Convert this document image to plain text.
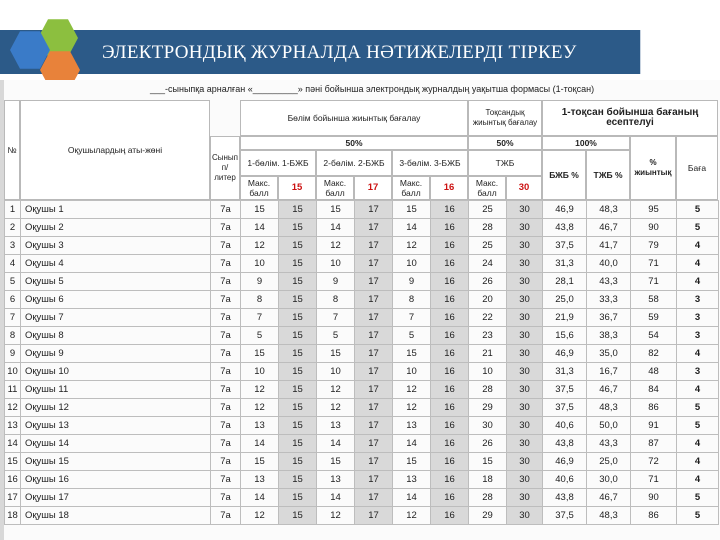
ЭЛЕКТРОНДЫҚ ЖУРНАЛДА НӘТИЖЕЛЕРДІ ТІРКЕУ
___-сыныпқа арналған «_________» пәні бойынша электрондық журналдың уақытша формасы (1-тоқсан)
№	Оқушылардың аты-жөні
Сынып п/литер
Бөлім бойынша жиынтық бағалау
Тоқсандық жиынтық бағалау
1-тоқсан бойынша бағаның есептелуі
50%	50%	100%
1-бөлім. 1-БЖБ	2-бөлім. 2-БЖБ	3-бөлім. 3-БЖБ	ТЖБ
Макс. балл	15	Макс. балл	17	Макс. балл	16	Макс. балл	30
БЖБ %	ТЖБ %
% жиынтық	Баға
1	Оқушы 1	7а	15	15	15	17	15	16	25	30	46,9	48,3	95	5
2	Оқушы 2	7а	14	15	14	17	14	16	28	30	43,8	46,7	90	5
3	Оқушы 3	7а	12	15	12	17	12	16	25	30	37,5	41,7	79	4
4	Оқушы 4	7а	10	15	10	17	10	16	24	30	31,3	40,0	71	4
5	Оқушы 5	7а	9	15	9	17	9	16	26	30	28,1	43,3	71	4
6	Оқушы 6	7а	8	15	8	17	8	16	20	30	25,0	33,3	58	3
7	Оқушы 7	7а	7	15	7	17	7	16	22	30	21,9	36,7	59	3
8	Оқушы 8	7а	5	15	5	17	5	16	23	30	15,6	38,3	54	3
9	Оқушы 9	7а	15	15	15	17	15	16	21	30	46,9	35,0	82	4
10	Оқушы 10	7а	10	15	10	17	10	16	10	30	31,3	16,7	48	3
11	Оқушы 11	7а	12	15	12	17	12	16	28	30	37,5	46,7	84	4
12	Оқушы 12	7а	12	15	12	17	12	16	29	30	37,5	48,3	86	5
13	Оқушы 13	7а	13	15	13	17	13	16	30	30	40,6	50,0	91	5
14	Оқушы 14	7а	14	15	14	17	14	16	26	30	43,8	43,3	87	4
15	Оқушы 15	7а	15	15	15	17	15	16	15	30	46,9	25,0	72	4
16	Оқушы 16	7а	13	15	13	17	13	16	18	30	40,6	30,0	71	4
17	Оқушы 17	7а	14	15	14	17	14	16	28	30	43,8	46,7	90	5
18	Оқушы 18	7а	12	15	12	17	12	16	29	30	37,5	48,3	86	5
